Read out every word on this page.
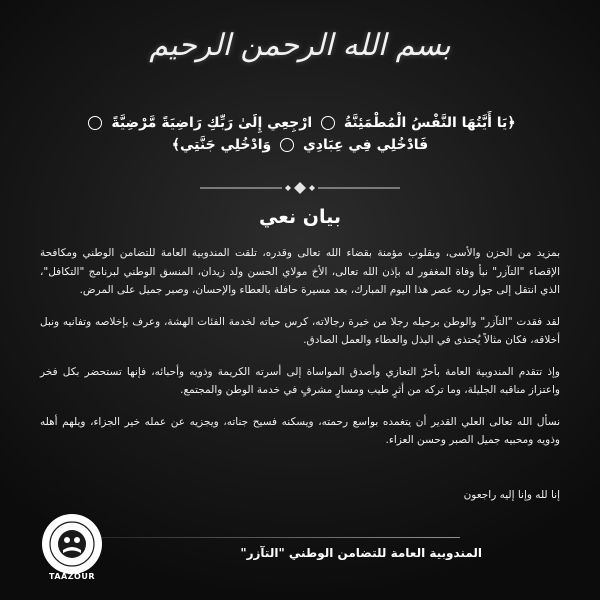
بسم الله الرحمن الرحيم
﴿يَا أَيَّتُهَا النَّفْسُ الْمُطْمَئِنَّةُ  ارْجِعِي إِلَىٰ رَبِّكِ رَاضِيَةً مَّرْضِيَّةً  فَادْخُلِي فِي عِبَادِي  وَادْخُلِي جَنَّتِي﴾
بيان نعي

بمزيد من الحزن والأسى، وبقلوب مؤمنة بقضاء الله تعالى وقدره، تلقت المندوبية العامة للتضامن الوطني ومكافحة الإقصاء "التآزر" نبأ وفاة المغفور له بإذن الله تعالى، الأخ مولاي الحسن ولد زيدان، المنسق الوطني لبرنامج "التكافل"، الذي انتقل إلى جوار ربه عصر هذا اليوم المبارك، بعد مسيرة حافلة بالعطاء والإحسان، وصبر جميل على المرض.

لقد فقدت "التآزر" والوطن برحيله رجلا من خيرة رجالاته، كرس حياته لخدمة الفئات الهشة، وعرف بإخلاصه وتفانيه ونبل أخلاقه، فكان مثالاً يُحتذى في البذل والعطاء والعمل الصادق.

وإذ تتقدم المندوبية العامة بأحرّ التعازي وأصدق المواساة إلى أسرته الكريمة وذويه وأحبائه، فإنها تستحضر بكل فخر واعتزاز مناقبه الجليلة، وما تركه من أثرٍ طيب ومسارٍ مشرفٍ في خدمة الوطن والمجتمع.

نسأل الله تعالى العلي القدير أن يتغمده بواسع رحمته، ويسكنه فسيح جناته، ويجزيه عن عمله خير الجزاء، ويلهم أهله وذويه ومحبيه جميل الصبر وحسن العزاء.

إنا لله وإنا إليه راجعون
المندوبية العامة للتضامن الوطني "التآزر"
TAAZOUR
